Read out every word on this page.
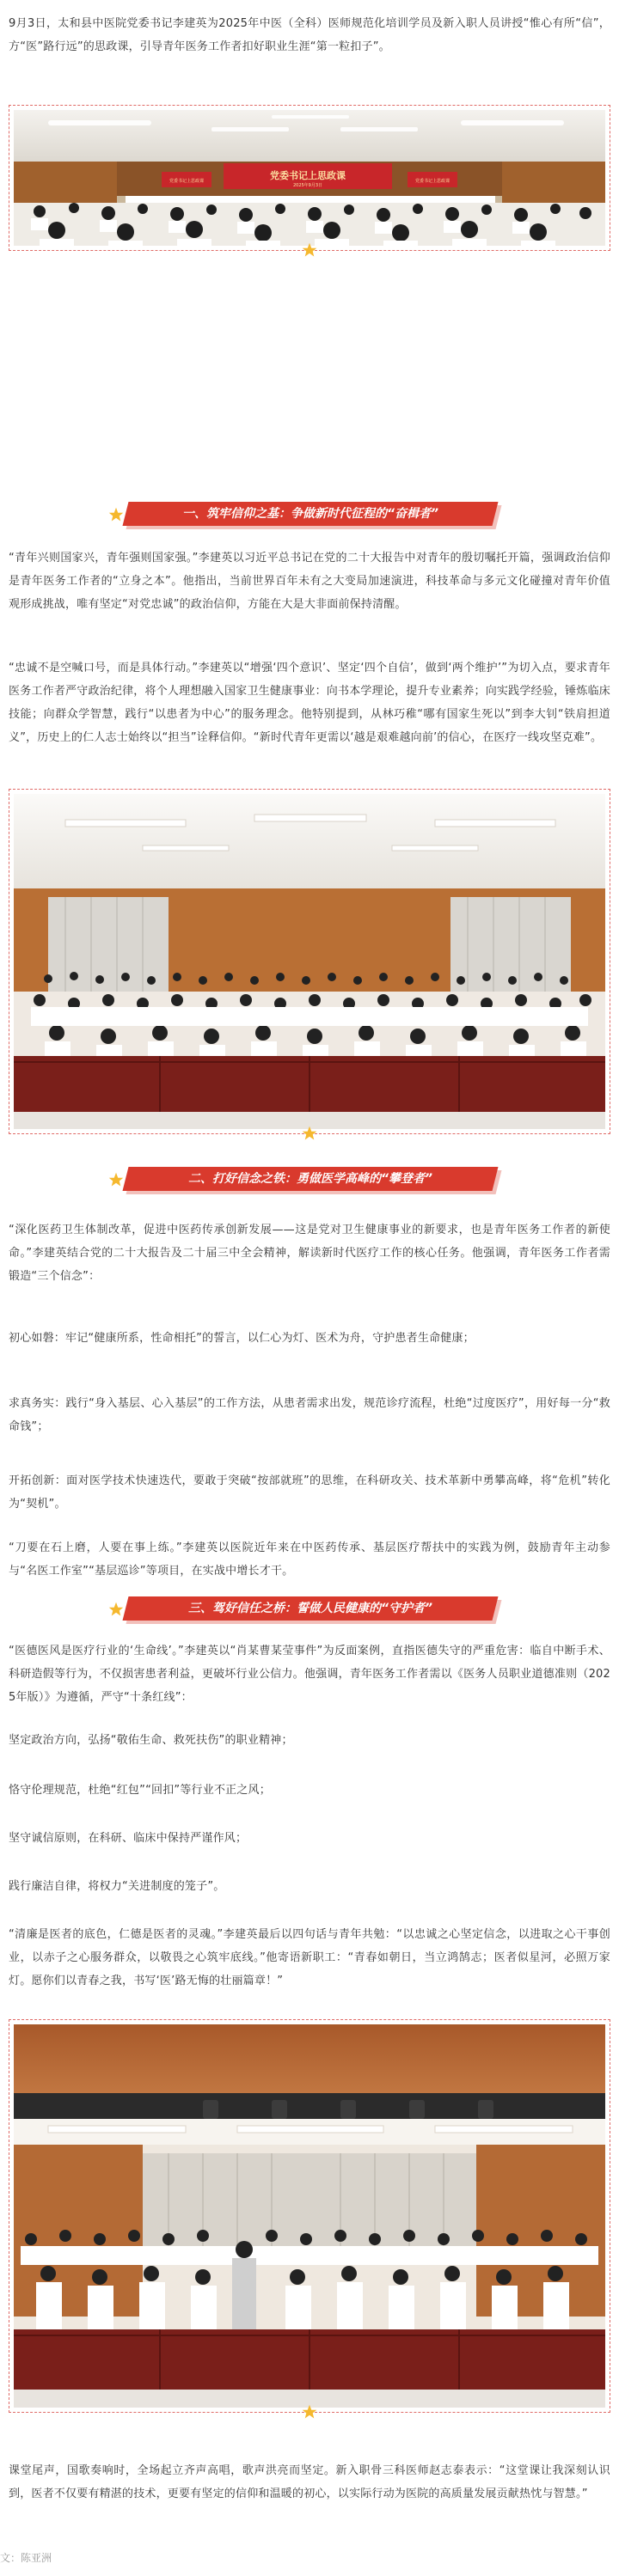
9月3日，太和县中医院党委书记李建英为2025年中医（全科）医师规范化培训学员及新入职人员讲授“惟心有所“信”，方“医”路行远”的思政课，引导青年医务工作者扣好职业生涯“第一粒扣子”。

党委书记上思政课
2025年9月3日
党委书记上思政课	党委书记上思政课
一、筑牢信仰之基：争做新时代征程的“奋楫者”

“青年兴则国家兴，青年强则国家强。”李建英以习近平总书记在党的二十大报告中对青年的殷切嘱托开篇，强调政治信仰是青年医务工作者的“立身之本”。他指出，当前世界百年未有之大变局加速演进，科技革命与多元文化碰撞对青年价值观形成挑战，唯有坚定“对党忠诚”的政治信仰，方能在大是大非面前保持清醒。

“忠诚不是空喊口号，而是具体行动。”李建英以“增强‘四个意识’、坚定‘四个自信’，做到‘两个维护’”为切入点，要求青年医务工作者严守政治纪律，将个人理想融入国家卫生健康事业：向书本学理论，提升专业素养；向实践学经验，锤炼临床技能；向群众学智慧，践行“以患者为中心”的服务理念。他特别提到，从林巧稚“哪有国家生死以”到李大钊“铁肩担道义”，历史上的仁人志士始终以“担当”诠释信仰。“新时代青年更需以‘越是艰难越向前’的信心，在医疗一线攻坚克难”。

二、打好信念之铁：勇做医学高峰的“攀登者”

“深化医药卫生体制改革，促进中医药传承创新发展——这是党对卫生健康事业的新要求，也是青年医务工作者的新使命。”李建英结合党的二十大报告及二十届三中全会精神，解读新时代医疗工作的核心任务。他强调，青年医务工作者需锻造“三个信念”：

初心如磐：牢记“健康所系，性命相托”的誓言，以仁心为灯、医术为舟，守护患者生命健康；

求真务实：践行“身入基层、心入基层”的工作方法，从患者需求出发，规范诊疗流程，杜绝“过度医疗”，用好每一分“救命钱”；

开拓创新：面对医学技术快速迭代，要敢于突破“按部就班”的思维，在科研攻关、技术革新中勇攀高峰，将“危机”转化为“契机”。

“刀要在石上磨，人要在事上练。”李建英以医院近年来在中医药传承、基层医疗帮扶中的实践为例，鼓励青年主动参与“名医工作室”“基层巡诊”等项目，在实战中增长才干。

三、驾好信任之桥：誓做人民健康的“守护者”

“医德医风是医疗行业的‘生命线’。”李建英以“肖某曹某莹事件”为反面案例，直指医德失守的严重危害：临自中断手术、科研造假等行为，不仅损害患者利益，更破坏行业公信力。他强调，青年医务工作者需以《医务人员职业道德准则（2025年版）》为遵循，严守“十条红线”：

坚定政治方向，弘扬“敬佑生命、救死扶伤”的职业精神；

恪守伦理规范，杜绝“红包”“回扣”等行业不正之风；

坚守诚信原则，在科研、临床中保持严谨作风；

践行廉洁自律，将权力“关进制度的笼子”。

“清廉是医者的底色，仁德是医者的灵魂。”李建英最后以四句话与青年共勉：“以忠诚之心坚定信念，以进取之心干事创业，以赤子之心服务群众，以敬畏之心筑牢底线。”他寄语新职工：“青春如朝日，当立鸿鹄志；医者似星河，必照万家灯。愿你们以青春之我，书写‘医’路无悔的壮丽篇章！”

课堂尾声，国歌奏响时，全场起立齐声高唱，歌声洪亮而坚定。新入职骨三科医师赵志泰表示：“这堂课让我深刻认识到，医者不仅要有精湛的技术，更要有坚定的信仰和温暖的初心，以实际行动为医院的高质量发展贡献热忱与智慧。”

文：陈亚洲
